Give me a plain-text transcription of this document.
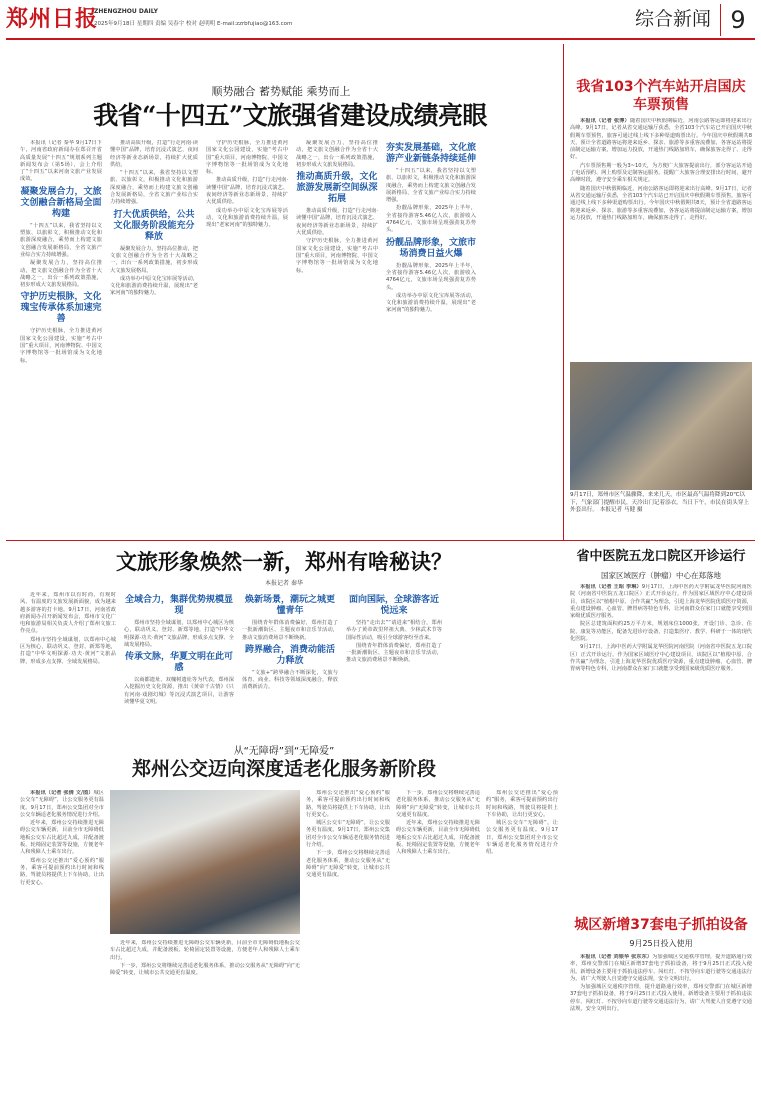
郑州日报
ZHENGZHOU DAILY
2025年9月18日 星期四 责编 吴春宇 校对 赵明明 E-mail:zzrbfujiao@163.com	综合新闻 9
顺势融合 蓄势赋能 乘势而上
我省“十四五”文旅强省建设成绩亮眼

本报讯（记者 秦华 9月17日下午，河南省政府新闻办在郑召开省高质量发展“十四五”规划系列主题新闻发布会（第5场），会上介绍了“十四五”以来河南文旅产业发展成效。

凝聚发展合力，文旅文创融合新格局全面构建

“十四五”以来，我省坚持以文塑旅、以旅彰文，积极推动文化和旅游深度融合，乘势而上构建文旅文创融合发展新格局，全省文旅产业综合实力持续增强。

凝聚发展合力，坚持高位推动，把文旅文创融合作为全省十大战略之一，出台一系列政策措施，初步形成大文旅发展格局。

守护历史根脉，文化瑰宝传承体系加速完善

守护历史根脉，全力推进黄河国家文化公园建设，实施“考古中国”重大项目，河南博物院、中国文字博物馆等一批场馆成为文化地标。

推动高质升级，打造“行走河南·读懂中国”品牌，培育沉浸式演艺、夜间经济等新业态新场景，持续扩大优质供给。

“十四五”以来，我省坚持以文塑旅、以旅彰文，积极推动文化和旅游深度融合，乘势而上构建文旅文创融合发展新格局，全省文旅产业综合实力持续增强。

打大优质供给，公共文化服务阶段能充分释放

凝聚发展合力，坚持高位推动，把文旅文创融合作为全省十大战略之一，出台一系列政策措施，初步形成大文旅发展格局。

成功举办中原文化宝库展等活动，文化和旅游消费持续升温，展现出“老家河南”的独特魅力。

守护历史根脉，全力推进黄河国家文化公园建设，实施“考古中国”重大项目，河南博物院、中国文字博物馆等一批场馆成为文化地标。

推动高质升级，打造“行走河南·读懂中国”品牌，培育沉浸式演艺、夜间经济等新业态新场景，持续扩大优质供给。

成功举办中原文化宝库展等活动，文化和旅游消费持续升温，展现出“老家河南”的独特魅力。

凝聚发展合力，坚持高位推动，把文旅文创融合作为全省十大战略之一，出台一系列政策措施，初步形成大文旅发展格局。

推动高质升级，文化旅游发展新空间纵深拓展

推动高质升级，打造“行走河南·读懂中国”品牌，培育沉浸式演艺、夜间经济等新业态新场景，持续扩大优质供给。

守护历史根脉，全力推进黄河国家文化公园建设，实施“考古中国”重大项目，河南博物院、中国文字博物馆等一批场馆成为文化地标。

夯实发展基础，文化旅游产业新链条持续延伸

“十四五”以来，我省坚持以文塑旅、以旅彰文，积极推动文化和旅游深度融合，乘势而上构建文旅文创融合发展新格局，全省文旅产业综合实力持续增强。

扮靓品牌形象，2025年上半年，全省接待游客5.46亿人次，旅游收入4764亿元，文旅市场呈现强劲复苏势头。

扮靓品牌形象，文旅市场消费日益火爆

扮靓品牌形象，2025年上半年，全省接待游客5.46亿人次，旅游收入4764亿元，文旅市场呈现强劲复苏势头。

成功举办中原文化宝库展等活动，文化和旅游消费持续升温，展现出“老家河南”的独特魅力。

我省103个汽车站开启国庆车票预售

本报讯（记者 张博）随着国庆中秋假期临近，河南公路客运即将迎来出行高峰。9月17日，记者从省交通运输厅获悉，全省103个汽车站已开启国庆中秋假期车票预售，旅客可通过线上线下多种渠道购票出行。今年国庆中秋假期共8天，预计全省道路客运将迎来返乡、探亲、旅游等多重客流叠加，各客运站将提前制定运输方案，增加运力投放，开通热门线路加班车，确保旅客走得了、走得好。

汽车票预售期一般为3~10天，为方便广大旅客提前出行，部分客运站开通了电话预约、网上购票及定制客运服务。提醒广大旅客合理安排出行时间，避开高峰时段，遵守安全乘车相关规定。

随着国庆中秋假期临近，河南公路客运即将迎来出行高峰。9月17日，记者从省交通运输厅获悉，全省103个汽车站已开启国庆中秋假期车票预售，旅客可通过线上线下多种渠道购票出行。今年国庆中秋假期共8天，预计全省道路客运将迎来返乡、探亲、旅游等多重客流叠加，各客运站将提前制定运输方案，增加运力投放，开通热门线路加班车，确保旅客走得了、走得好。

9月17日，郑州市区气温骤降，来来几天，市区最高气温将降到20℃以下，气象部门提醒市民，天冷出门记着添衣。当日下午，市民在街头穿上外套出行。 本报记者 马健 摄
文旅形象焕然一新，郑州有啥秘诀？
本报记者 秦华

近年来，郑州市以有时尚、有观时风、有温度的文旅发展新面貌，成为越来越多游客的打卡地。9月17日，河南省政府新闻办召开新闻发布会，郑州市文化广电和旅游局相关负责人介绍了郑州文旅工作亮点。

郑州市坚持全域谋划，以郑州中心城区为核心，联动巩义、登封、新郑等地，打造“中华文明探源·功夫·黄河”文旅品牌，形成多点支撑、全域发展格局。

全域合力，集群优势规模显现

郑州市坚持全域谋划，以郑州中心城区为核心，联动巩义、登封、新郑等地，打造“中华文明探源·功夫·黄河”文旅品牌，形成多点支撑、全域发展格局。

传承文脉，华夏文明在此可感

以商都遗址、双槐树遗址等为代表，郑州深入挖掘历史文化资源，推出《黄帝千古情》《只有河南·戏剧幻城》等沉浸式演艺项目，让游客读懂华夏文明。

焕新场景，潮玩之城更懂青年

围绕青年群体消费偏好，郑州打造了一批新潮街区、主题夜市和音乐节活动，推动文旅消费场景不断焕新。

跨界融合，消费动能活力释放

“文旅+”跨界融合不断深化，文旅与体育、商业、科技等领域深度融合，释放消费新活力。

面向国际，全球游客近悦远来

坚持“走出去”“请进来”相结合，郑州举办了黄帝故里拜祖大典、少林武术节等国际性活动，吸引全球游客纷至沓来。

围绕青年群体消费偏好，郑州打造了一批新潮街区、主题夜市和音乐节活动，推动文旅消费场景不断焕新。

省中医院五龙口院区开诊运行
国家区域医疗（肿瘤）中心在郑落地

本报讯（记者 王昭 李琳）9月17日，上海中医药大学附属龙华医院河南医院（河南省中医院五龙口院区）正式开诊运行。作为国家区域医疗中心建设项目，该院区以“植根中原、合作共赢”为理念，引进上海龙华医院优质医疗资源，重点建设肿瘤、心血管、脾胃病等特色专科，让河南群众在家门口就能享受到国家级优质医疗服务。

院区总建筑面积约25万平方米，规划床位1000张，开设门诊、急诊、住院、康复等功能区，配备先进诊疗设备，打造集医疗、教学、科研于一体的现代化医院。

9月17日，上海中医药大学附属龙华医院河南医院（河南省中医院五龙口院区）正式开诊运行。作为国家区域医疗中心建设项目，该院区以“植根中原、合作共赢”为理念，引进上海龙华医院优质医疗资源，重点建设肿瘤、心血管、脾胃病等特色专科，让河南群众在家门口就能享受到国家级优质医疗服务。

从“无障碍”到“无障爱”
郑州公交迈向深度适老化服务新阶段

本报讯（记者 张倩 文/图）城区公交车“无障碍”，让公交服务更有温度。9月17日，郑州公交集团对全市公交车辆适老化服务情况进行介绍。

近年来，郑州公交持续推进无障碍公交车辆更新，目前全市无障碍低地板公交车占比超过九成，并配备渡板、轮椅固定装置等设施，方便老年人和残障人士乘车出行。

郑州公交还推出“爱心预约”服务，乘客可提前预约出行时间和线路，驾驶员将提供上下车协助，让出行更安心。

近年来，郑州公交持续推进无障碍公交车辆更新，目前全市无障碍低地板公交车占比超过九成，并配备渡板、轮椅固定装置等设施，方便老年人和残障人士乘车出行。

下一步，郑州公交将继续完善适老化服务体系，推动公交服务从“无障碍”向“无障爱”转变，让城市公共交通更有温度。

郑州公交还推出“爱心预约”服务，乘客可提前预约出行时间和线路，驾驶员将提供上下车协助，让出行更安心。

城区公交车“无障碍”，让公交服务更有温度。9月17日，郑州公交集团对全市公交车辆适老化服务情况进行介绍。

下一步，郑州公交将继续完善适老化服务体系，推动公交服务从“无障碍”向“无障爱”转变，让城市公共交通更有温度。

下一步，郑州公交将继续完善适老化服务体系，推动公交服务从“无障碍”向“无障爱”转变，让城市公共交通更有温度。

近年来，郑州公交持续推进无障碍公交车辆更新，目前全市无障碍低地板公交车占比超过九成，并配备渡板、轮椅固定装置等设施，方便老年人和残障人士乘车出行。

郑州公交还推出“爱心预约”服务，乘客可提前预约出行时间和线路，驾驶员将提供上下车协助，让出行更安心。

城区公交车“无障碍”，让公交服务更有温度。9月17日，郑州公交集团对全市公交车辆适老化服务情况进行介绍。

城区新增37套电子抓拍设备
9月25日投入使用

本报讯（记者 刘银华 张东东）为加强城区交通秩序管理，提升道路通行效率，郑州交警部门在城区新增37套电子抓拍设备，将于9月25日正式投入使用。新增设备主要用于抓拍违法停车、闯红灯、不按导向车道行驶等交通违法行为，请广大驾驶人自觉遵守交通法规，安全文明出行。

为加强城区交通秩序管理，提升道路通行效率，郑州交警部门在城区新增37套电子抓拍设备，将于9月25日正式投入使用。新增设备主要用于抓拍违法停车、闯红灯、不按导向车道行驶等交通违法行为，请广大驾驶人自觉遵守交通法规，安全文明出行。
